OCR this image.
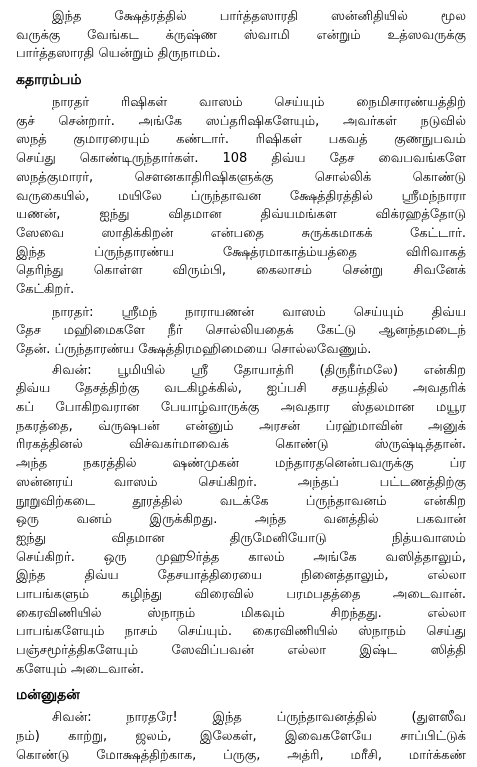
இந்த க்ஷேத்ரத்தில் பார்த்தஸாரதி ஸன்னிதியில் மூல
வருக்கு வேங்கட க்ருஷ்ண ஸ்வாமி என்றும் உத்ஸவருக்கு
பார்த்தஸாரதி யென்றும் திருநாமம்.
கதாரம்பம்
நாரதர் ரிஷிகள் வாஸம் செய்யும் நைமிசாரண்யத்திற்
குச் சென்றார். அங்கே ஸப்தரிஷிகளேயும், அவர்கள் நடுவில்
ஸநத் குமாரரையும் கண்டார். ரிஷிகள் பகவத் குணநுபவம்
செய்து கொண்டிருந்தார்கள். 108 திவ்ய தேச வைபவங்களே
ஸநத்குமாரர், சௌனகாதிரிஷிகளுக்கு சொல்லிக் கொண்டு
வருகையில், மயிலே ப்ருந்தாவன க்ஷேத்திரத்தில் ஸ்ரீமந்நாரா
யணன், ஐந்து விதமான திவ்யமங்கள விக்ரஹத்தோடு
ஸேவை ஸாதிக்கிறன் என்பதை சுருக்கமாகக் கேட்டார்.
இந்த ப்ருந்தாரண்ய க்ஷேத்ரமாகாத்ம்யத்தை விரிவாகத்
தெரிந்து கொள்ள விரும்பி, கைலாசம் சென்று சிவனேக்
கேட்கிறர்.
நாரதர்: ஸ்ரீமந் நாராயணன் வாஸம் செய்யும் திவ்ய
தேச மஹிமைகளே நீர் சொல்லியதைக் கேட்டு ஆனந்தமடைந்
தேன். ப்ருந்தாரண்ய க்ஷேத்திரமஹிமையை சொல்லவேணும்.
சிவன்: பூமியில் ஸ்ரீ தோயாத்ரி (திருநீர்மலே) என்கிற
திவ்ய தேசத்திற்கு வடகிழக்கில், ஐப்பசி சதயத்தில் அவதரிக்
கப் போகிறவரான பேயாழ்வாருக்கு அவதார ஸ்தலமான மயூர
நகரத்தை, வ்ருஷபன் என்னும் அரசன் ப்ரஹ்மாவின் அனுக்
ரிரகத்தினல் விச்வகர்மாவைக் கொண்டு ஸ்ருஷ்டித்தான்.
அந்த நகரத்தில் ஷண்முகன் மந்தாரதனென்பவருக்கு ப்ர
ஸன்னரய் வாஸம் செய்கிறர். அந்தப் பட்டணத்திற்கு
நூறுவிற்கடை தூரத்தில் வடக்கே ப்ருந்தாவனம் என்கிற
ஒரு வனம் இருக்கிறது. அந்த வனத்தில் பகவான்
ஐந்து விதமான திருமேனியோடு நித்யவாஸம்
செய்கிறர். ஒரு முஹூர்த்த காலம் அங்கே வஸித்தாலும்,
இந்த திவ்ய தேசயாத்திரையை நினைத்தாலும், எல்லா
பாபங்களும் கழிந்து விரைவில் பரமபதத்தை அடைவான்.
கைரவிணியில் ஸ்நாநம் மிகவும் சிறந்தது. எல்லா
பாபங்களேயும் நாசம் செய்யும். கைரவிணியில் ஸ்நாநம் செய்து
பஞ்சமூர்த்திகளேயும் ஸேவிப்பவன் எல்லா இஷ்ட ஸித்தி
களேயும் அடைவான்.
மன்னுதன்
சிவன்: நாரதரே! இந்த ப்ருந்தாவனத்தில் (துளஸீவ
நம்) காற்று, ஜலம், இலேகள், இவைகளேயே சாப்பிட்டுக்
கொண்டு மோக்ஷத்திற்காக, ப்ருகு, அத்ரி, மரீசி, மார்க்கண்
